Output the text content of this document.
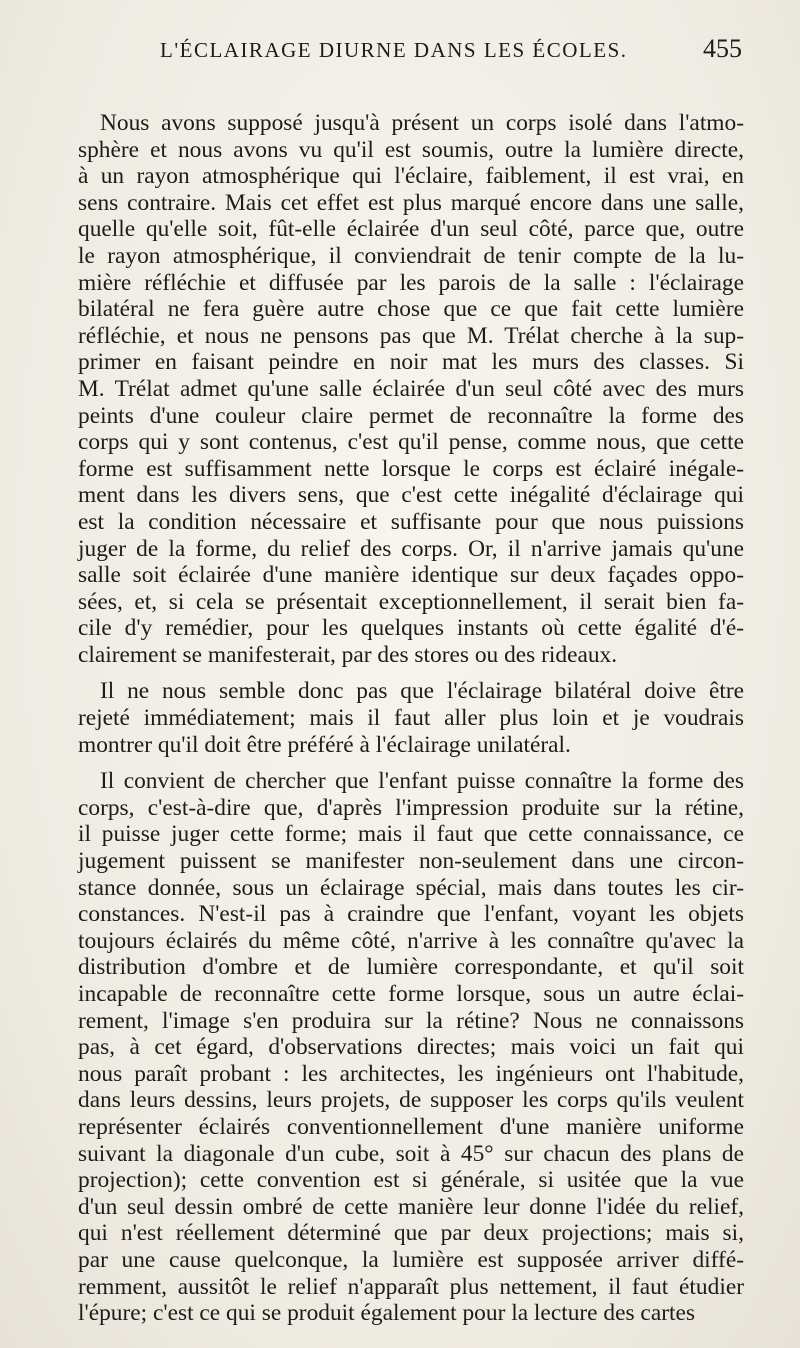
L'ÉCLAIRAGE DIURNE DANS LES ÉCOLES.	455

Nous avons supposé jusqu'à présent un corps isolé dans l'atmo-
sphère et nous avons vu qu'il est soumis, outre la lumière directe,
à un rayon atmosphérique qui l'éclaire, faiblement, il est vrai, en
sens contraire. Mais cet effet est plus marqué encore dans une salle,
quelle qu'elle soit, fût-elle éclairée d'un seul côté, parce que, outre
le rayon atmosphérique, il conviendrait de tenir compte de la lu-
mière réfléchie et diffusée par les parois de la salle : l'éclairage
bilatéral ne fera guère autre chose que ce que fait cette lumière
réfléchie, et nous ne pensons pas que M. Trélat cherche à la sup-
primer en faisant peindre en noir mat les murs des classes. Si
M. Trélat admet qu'une salle éclairée d'un seul côté avec des murs
peints d'une couleur claire permet de reconnaître la forme des
corps qui y sont contenus, c'est qu'il pense, comme nous, que cette
forme est suffisamment nette lorsque le corps est éclairé inégale-
ment dans les divers sens, que c'est cette inégalité d'éclairage qui
est la condition nécessaire et suffisante pour que nous puissions
juger de la forme, du relief des corps. Or, il n'arrive jamais qu'une
salle soit éclairée d'une manière identique sur deux façades oppo-
sées, et, si cela se présentait exceptionnellement, il serait bien fa-
cile d'y remédier, pour les quelques instants où cette égalité d'é-
clairement se manifesterait, par des stores ou des rideaux.

Il ne nous semble donc pas que l'éclairage bilatéral doive être
rejeté immédiatement; mais il faut aller plus loin et je voudrais
montrer qu'il doit être préféré à l'éclairage unilatéral.

Il convient de chercher que l'enfant puisse connaître la forme des
corps, c'est-à-dire que, d'après l'impression produite sur la rétine,
il puisse juger cette forme; mais il faut que cette connaissance, ce
jugement puissent se manifester non-seulement dans une circon-
stance donnée, sous un éclairage spécial, mais dans toutes les cir-
constances. N'est-il pas à craindre que l'enfant, voyant les objets
toujours éclairés du même côté, n'arrive à les connaître qu'avec la
distribution d'ombre et de lumière correspondante, et qu'il soit
incapable de reconnaître cette forme lorsque, sous un autre éclai-
rement, l'image s'en produira sur la rétine? Nous ne connaissons
pas, à cet égard, d'observations directes; mais voici un fait qui
nous paraît probant : les architectes, les ingénieurs ont l'habitude,
dans leurs dessins, leurs projets, de supposer les corps qu'ils veulent
représenter éclairés conventionnellement d'une manière uniforme
suivant la diagonale d'un cube, soit à 45° sur chacun des plans de
projection); cette convention est si générale, si usitée que la vue
d'un seul dessin ombré de cette manière leur donne l'idée du relief,
qui n'est réellement déterminé que par deux projections; mais si,
par une cause quelconque, la lumière est supposée arriver diffé-
remment, aussitôt le relief n'apparaît plus nettement, il faut étudier
l'épure; c'est ce qui se produit également pour la lecture des cartes
